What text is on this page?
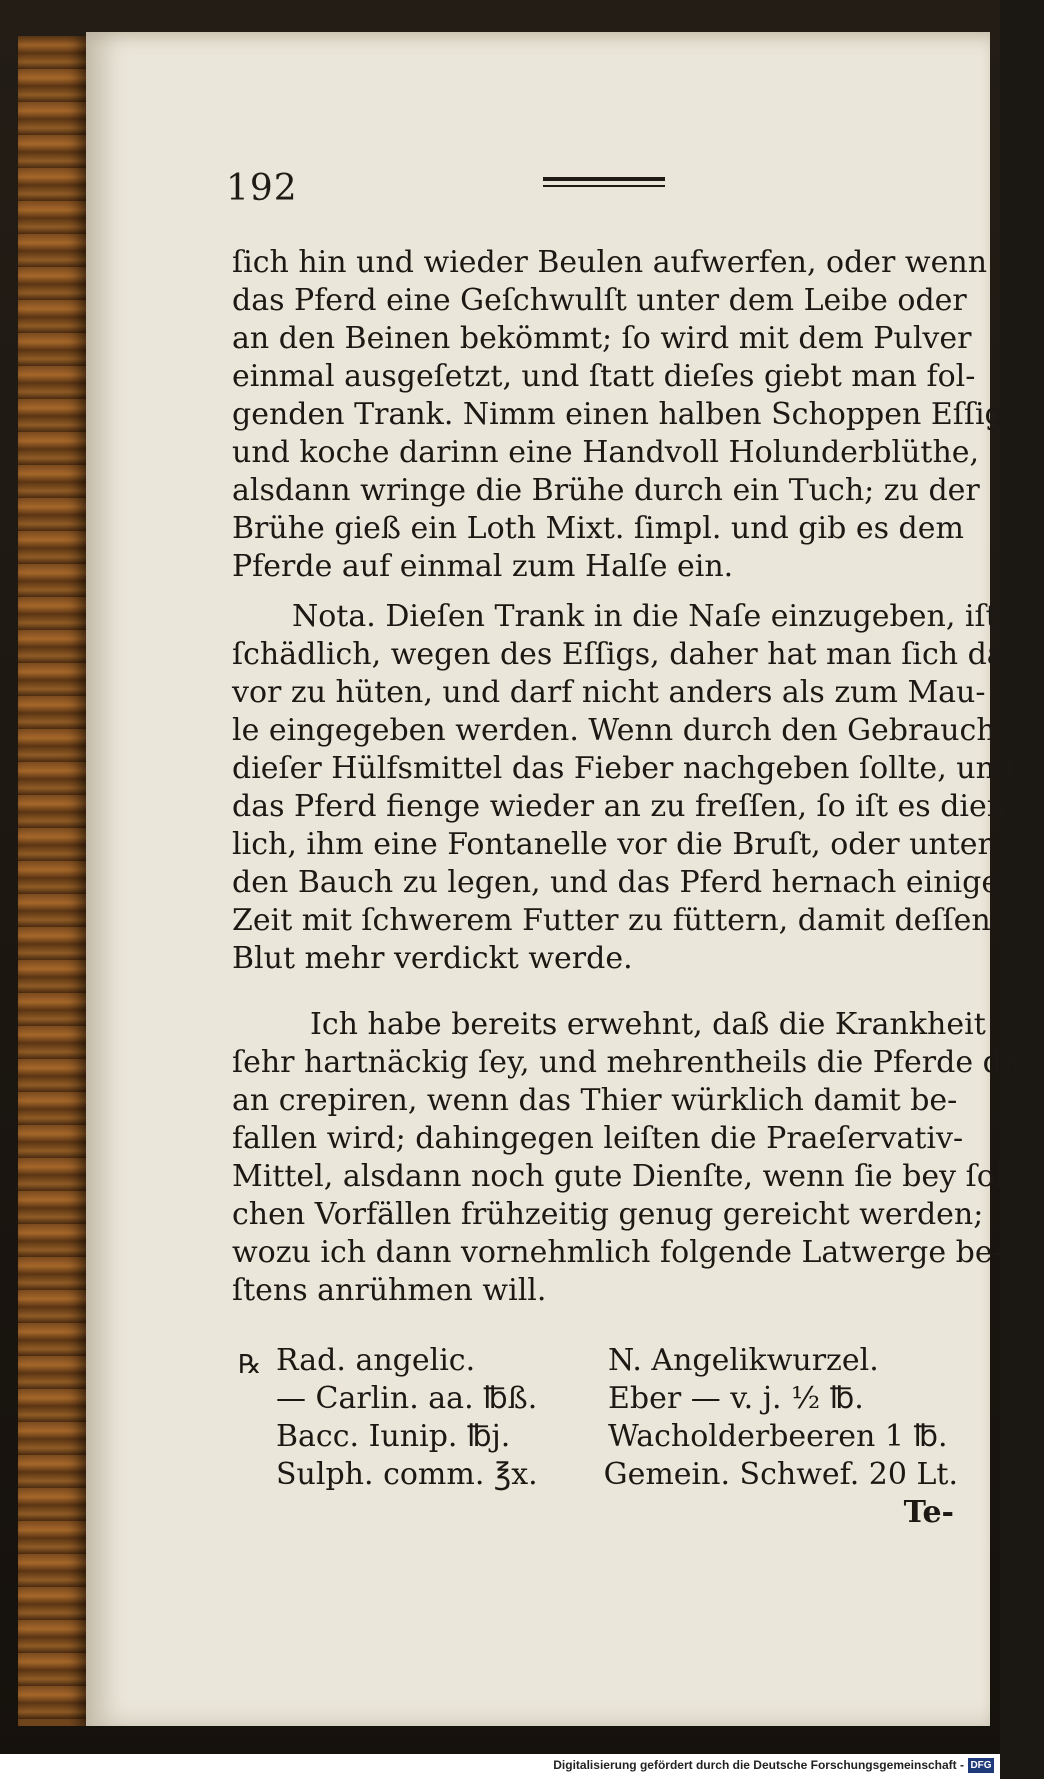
192
ſich hin und wieder Beulen aufwerfen, oder wenn
das Pferd eine Geſchwulſt unter dem Leibe oder
an den Beinen bekömmt; ſo wird mit dem Pulver
einmal ausgeſetzt, und ſtatt dieſes giebt man fol-
genden Trank. Nimm einen halben Schoppen Eſſig
und koche darinn eine Handvoll Holunderblüthe,
alsdann wringe die Brühe durch ein Tuch; zu der
Brühe gieß ein Loth Mixt. ſimpl. und gib es dem
Pferde auf einmal zum Halſe ein.
Nota. Dieſen Trank in die Naſe einzugeben, iſt
ſchädlich, wegen des Eſſigs, daher hat man ſich da-
vor zu hüten, und darf nicht anders als zum Mau-
le eingegeben werden. Wenn durch den Gebrauch
dieſer Hülfsmittel das Fieber nachgeben ſollte, und
das Pferd fienge wieder an zu freſſen, ſo iſt es dien-
lich, ihm eine Fontanelle vor die Bruſt, oder unter
den Bauch zu legen, und das Pferd hernach einige
Zeit mit ſchwerem Futter zu füttern, damit deſſen
Blut mehr verdickt werde.
Ich habe bereits erwehnt, daß die Krankheit
ſehr hartnäckig ſey, und mehrentheils die Pferde dar-
an crepiren, wenn das Thier würklich damit be-
fallen wird; dahingegen leiſten die Praeſervativ-
Mittel, alsdann noch gute Dienſte, wenn ſie bey ſol-
chen Vorfällen frühzeitig genug gereicht werden;
wozu ich dann vornehmlich folgende Latwerge be-
ſtens anrühmen will.
℞ Rad. angelic.	N. Angelikwurzel.
— Carlin. aa. ℔ß.	Eber — v. j. ½ ℔.
Bacc. Iunip. ℔j.	Wacholderbeeren 1 ℔.
Sulph. comm. ℥x.	Gemein. Schwef. 20 Lt.
Te-
Digitalisierung gefördert durch die Deutsche Forschungsgemeinschaft - DFG
